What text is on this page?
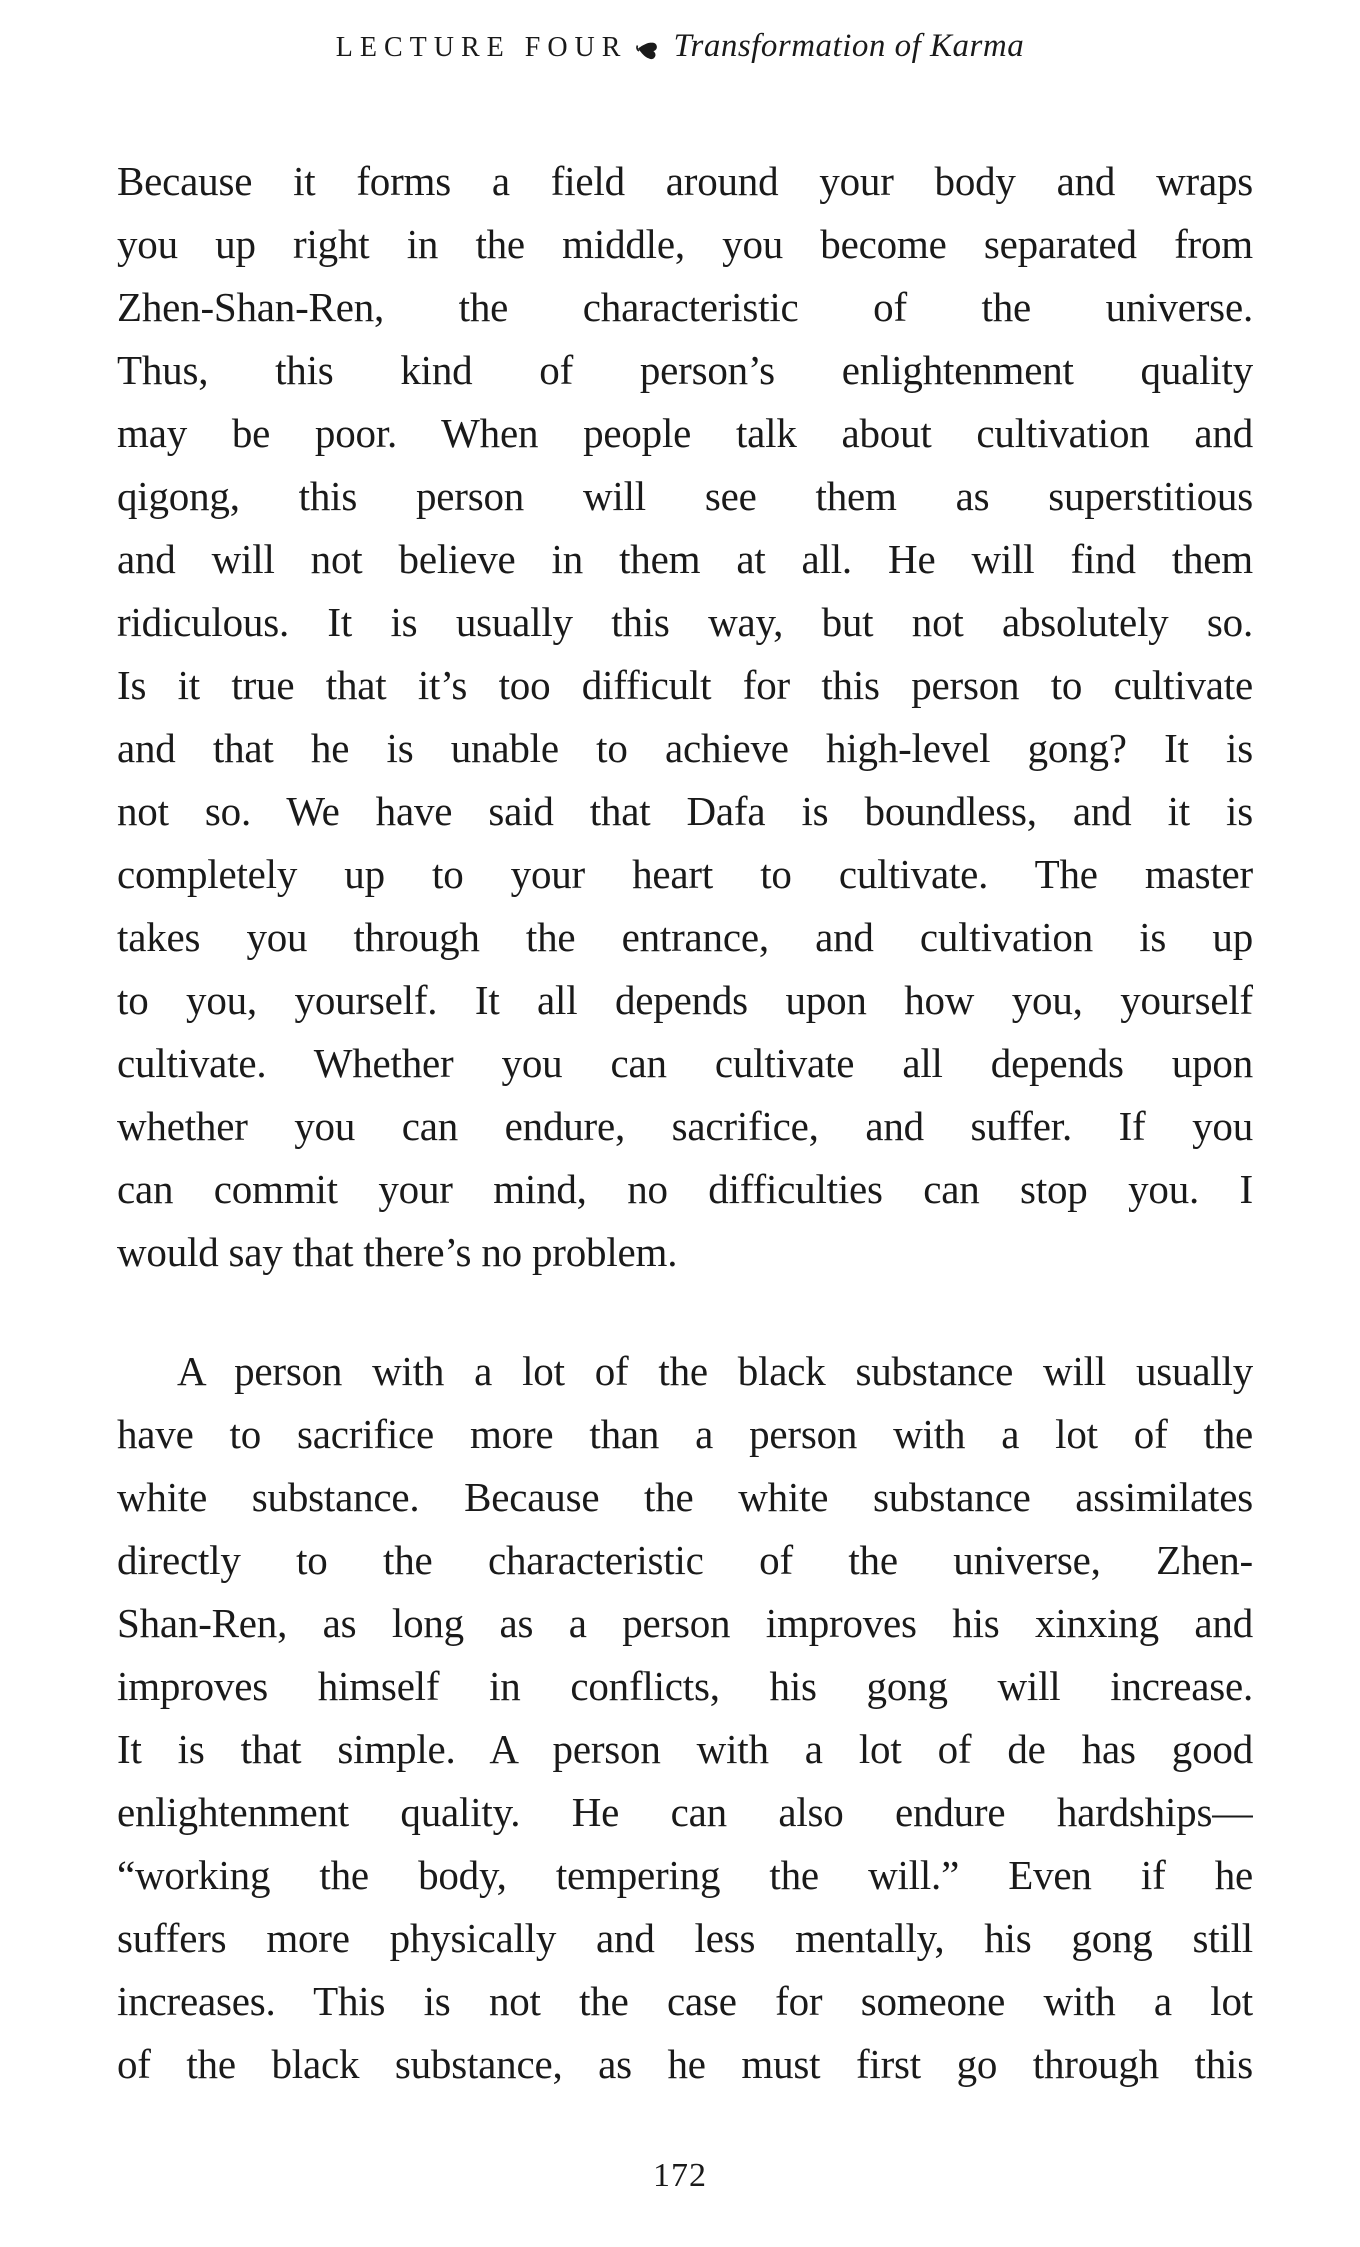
LECTURE FOUR Transformation of Karma
Because it forms a field around your body and wraps
you up right in the middle, you become separated from
Zhen-Shan-Ren, the characteristic of the universe.
Thus, this kind of person’s enlightenment quality
may be poor. When people talk about cultivation and
qigong, this person will see them as superstitious
and will not believe in them at all. He will find them
ridiculous. It is usually this way, but not absolutely so.
Is it true that it’s too difficult for this person to cultivate
and that he is unable to achieve high-level gong? It is
not so. We have said that Dafa is boundless, and it is
completely up to your heart to cultivate. The master
takes you through the entrance, and cultivation is up
to you, yourself. It all depends upon how you, yourself
cultivate. Whether you can cultivate all depends upon
whether you can endure, sacrifice, and suffer. If you
can commit your mind, no difficulties can stop you. I
would say that there’s no problem.
A person with a lot of the black substance will usually
have to sacrifice more than a person with a lot of the
white substance. Because the white substance assimilates
directly to the characteristic of the universe, Zhen-
Shan-Ren, as long as a person improves his xinxing and
improves himself in conflicts, his gong will increase.
It is that simple. A person with a lot of de has good
enlightenment quality. He can also endure hardships—
“working the body, tempering the will.” Even if he
suffers more physically and less mentally, his gong still
increases. This is not the case for someone with a lot
of the black substance, as he must first go through this
172
